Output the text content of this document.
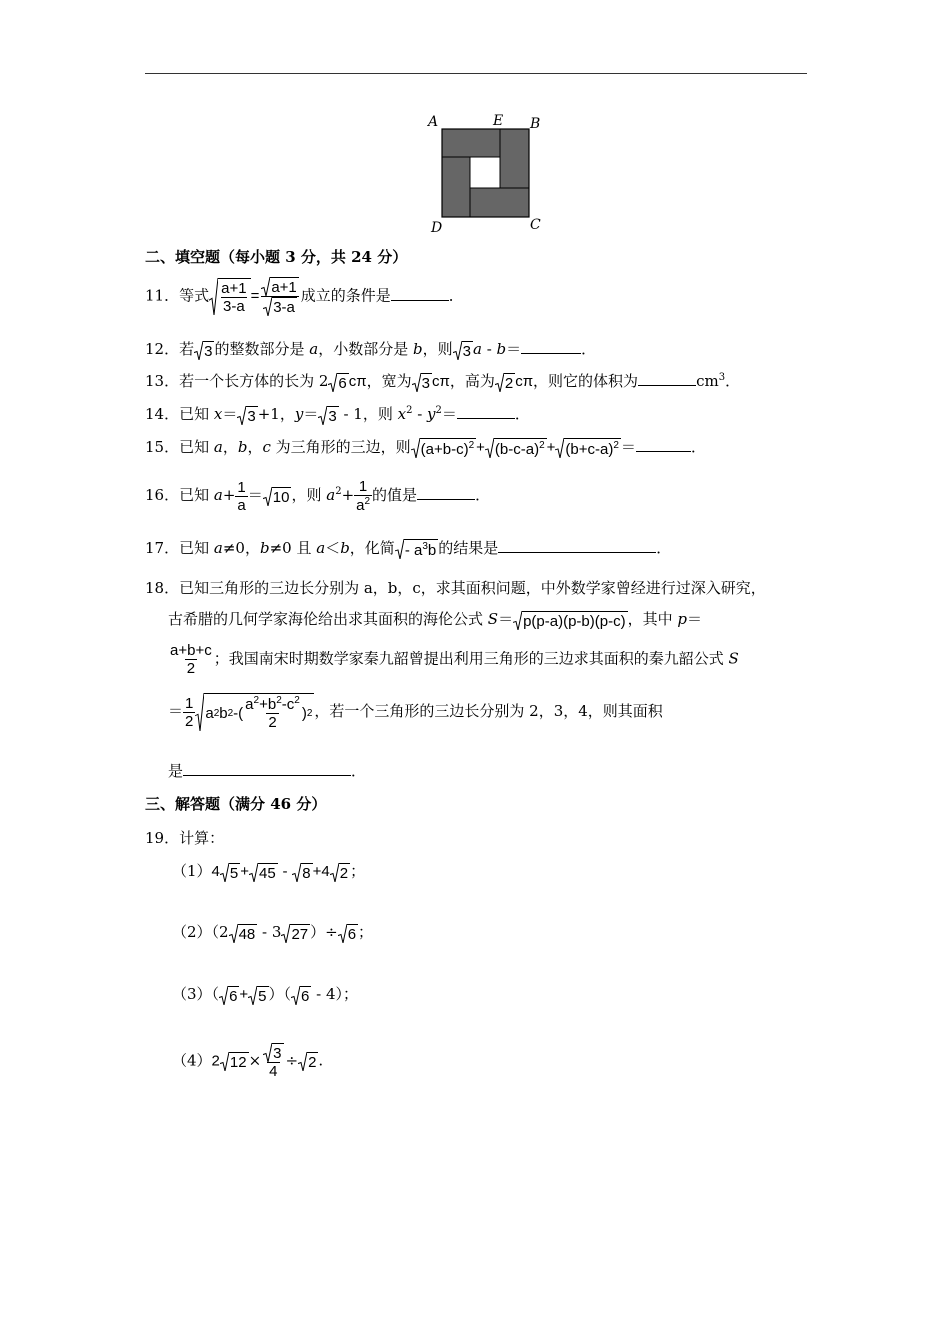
A	E B
D	C
二、填空题（每小题 3 分，共 24 分）
11．等式 $\frac{a+1}{3-a} = \frac{a+1}{3-a}$ 成立的条件是	．
12．若 3 的整数部分是 a，小数部分是 b，则 3 a - b＝	．
13．若一个长方体的长为 2 6 cπ，宽为 3 cπ，高为 2 cπ，则它的体积为	$cm^3$．
14．已知 x＝ 3 +1，y＝ 3 - 1，则 $x^2 - y^2=$	．
15．已知 a，b，c 为三角形的三边，则 $(a+b-c)^2 + (b-c-a)^2 + (b+c-a)^2$ ＝	．
16．已知 $a+ \frac{1}{a} = 10$ ，则 $a^2+ \frac{1}{a^2}$ 的值是	．
17．已知 a≠0，b≠0 且 a＜b，化简 - $a^3b$ 的结果是	．
18．已知三角形的三边长分别为 a，b，c，求其面积问题，中外数学家曾经进行过深入研究，
古希腊的几何学家海伦给出求其面积的海伦公式 S＝ p(p-a)(p-b)(p-c) ，其中 p＝
$\frac{a+b+c}{2}$ ；我国南宋时期数学家秦九韶曾提出利用三角形的三边求其面积的秦九韶公式 S
＝ $\frac{1}{2}$ a 2 b 2 -( $a^2+b^2-c^2$
2
) 2 ，若一个三角形的三边长分别为 2，3，4，则其面积
是	．
三、解答题（满分 46 分）
19．计算：
（1）4 5 + 45 - 8 +4 2 ；
（2）（2 48 - 3 27 ）÷ 6 ；
（3）（ 6 + 5 ）（ 6 - 4）；
（4）2 $12 \times \frac{3}{4} \div 2$ .
